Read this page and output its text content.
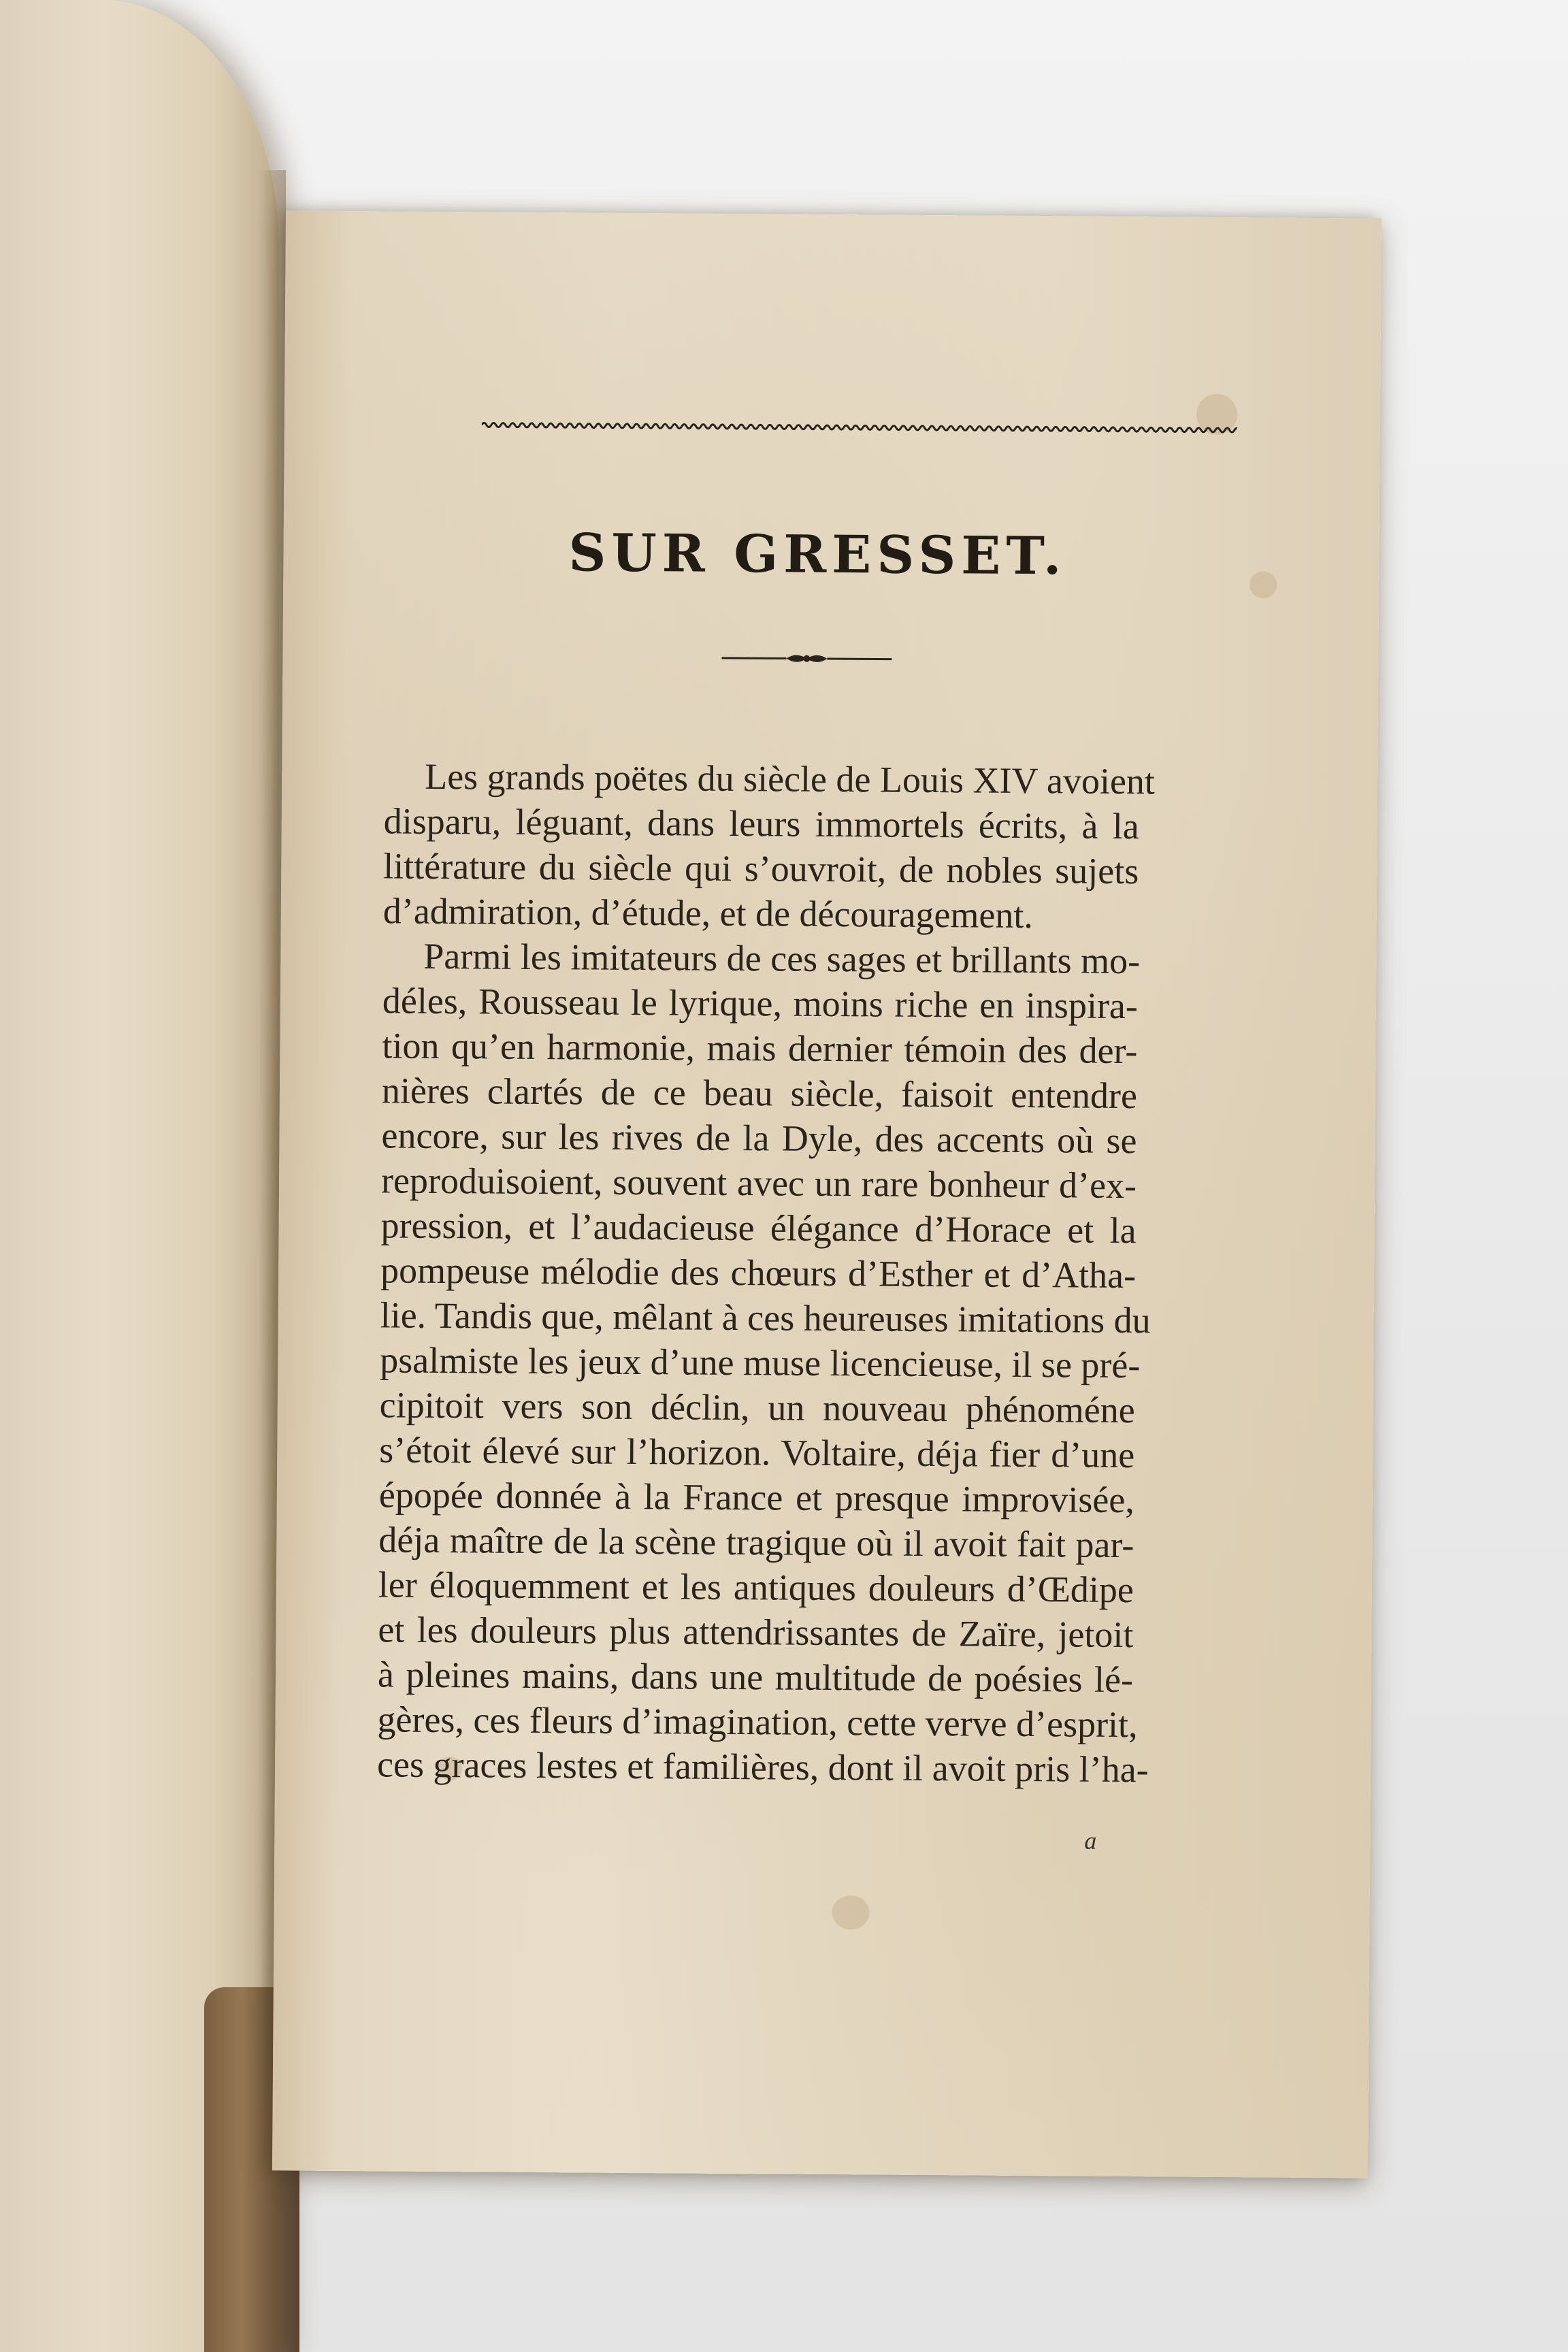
SUR GRESSET.

Les grands poëtes du siècle de Louis XIV avoient

disparu, léguant, dans leurs immortels écrits, à la

littérature du siècle qui s’ouvroit, de nobles sujets

d’admiration, d’étude, et de découragement.

Parmi les imitateurs de ces sages et brillants mo-

déles, Rousseau le lyrique, moins riche en inspira-

tion qu’en harmonie, mais dernier témoin des der-

nières clartés de ce beau siècle, faisoit entendre

encore, sur les rives de la Dyle, des accents où se

reproduisoient, souvent avec un rare bonheur d’ex-

pression, et l’audacieuse élégance d’Horace et la

pompeuse mélodie des chœurs d’Esther et d’Atha-

lie. Tandis que, mêlant à ces heureuses imitations du

psalmiste les jeux d’une muse licencieuse, il se pré-

cipitoit vers son déclin, un nouveau phénoméne

s’étoit élevé sur l’horizon. Voltaire, déja fier d’une

épopée donnée à la France et presque improvisée,

déja maître de la scène tragique où il avoit fait par-

ler éloquemment et les antiques douleurs d’Œdipe

et les douleurs plus attendrissantes de Zaïre, jetoit

à pleines mains, dans une multitude de poésies lé-

gères, ces fleurs d’imagination, cette verve d’esprit,

ces graces lestes et familières, dont il avoit pris l’ha-

a
